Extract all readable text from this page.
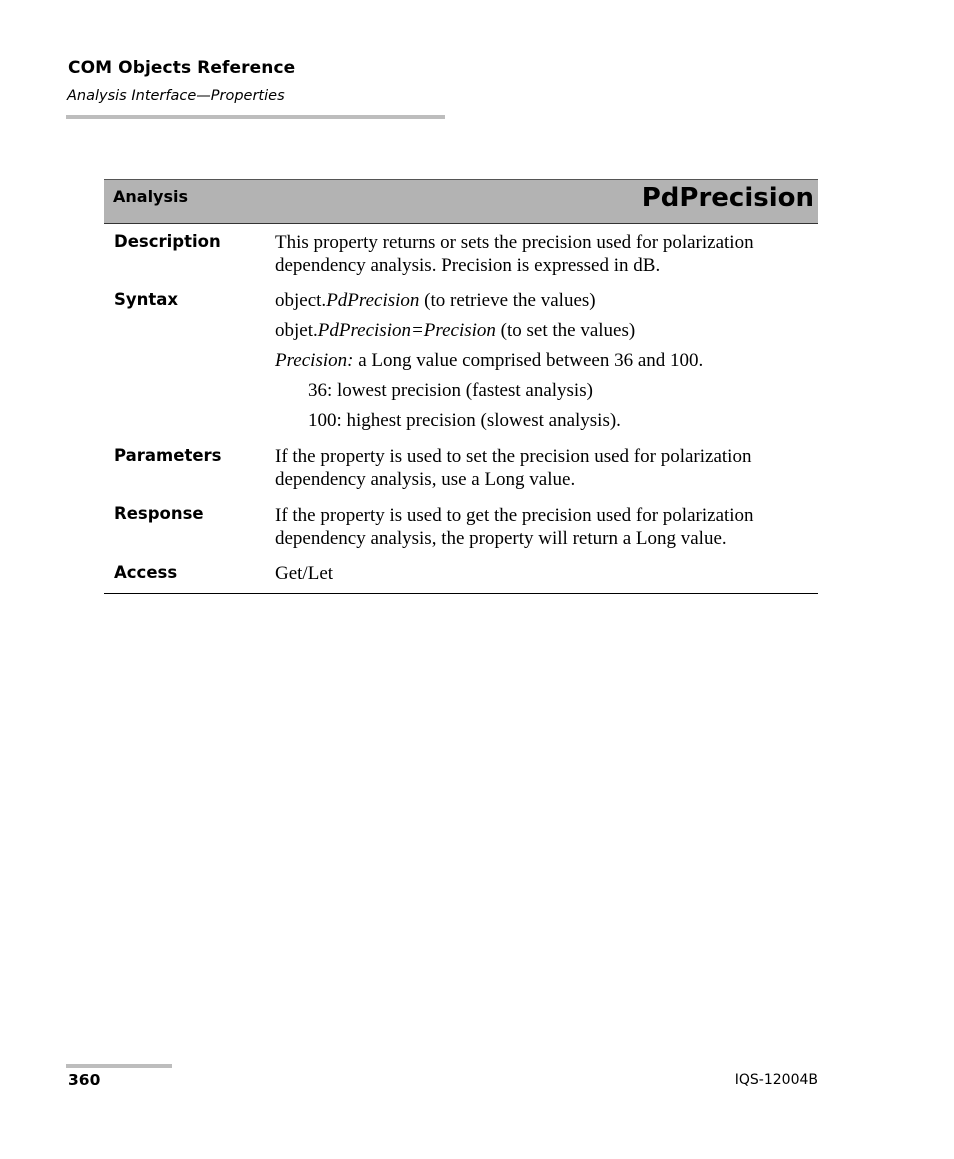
COM Objects Reference
Analysis Interface—Properties
Analysis	PdPrecision
Description	This property returns or sets the precision used for polarization dependency analysis. Precision is expressed in dB.

Syntax	object.PdPrecision (to retrieve the values)
objet.PdPrecision=Precision (to set the values)
Precision: a Long value comprised between 36 and 100.
36: lowest precision (fastest analysis)
100: highest precision (slowest analysis).
Parameters	If the property is used to set the precision used for polarization dependency analysis, use a Long value.

Response	If the property is used to get the precision used for polarization dependency analysis, the property will return a Long value.

Access	Get/Let

360	IQS-12004B
